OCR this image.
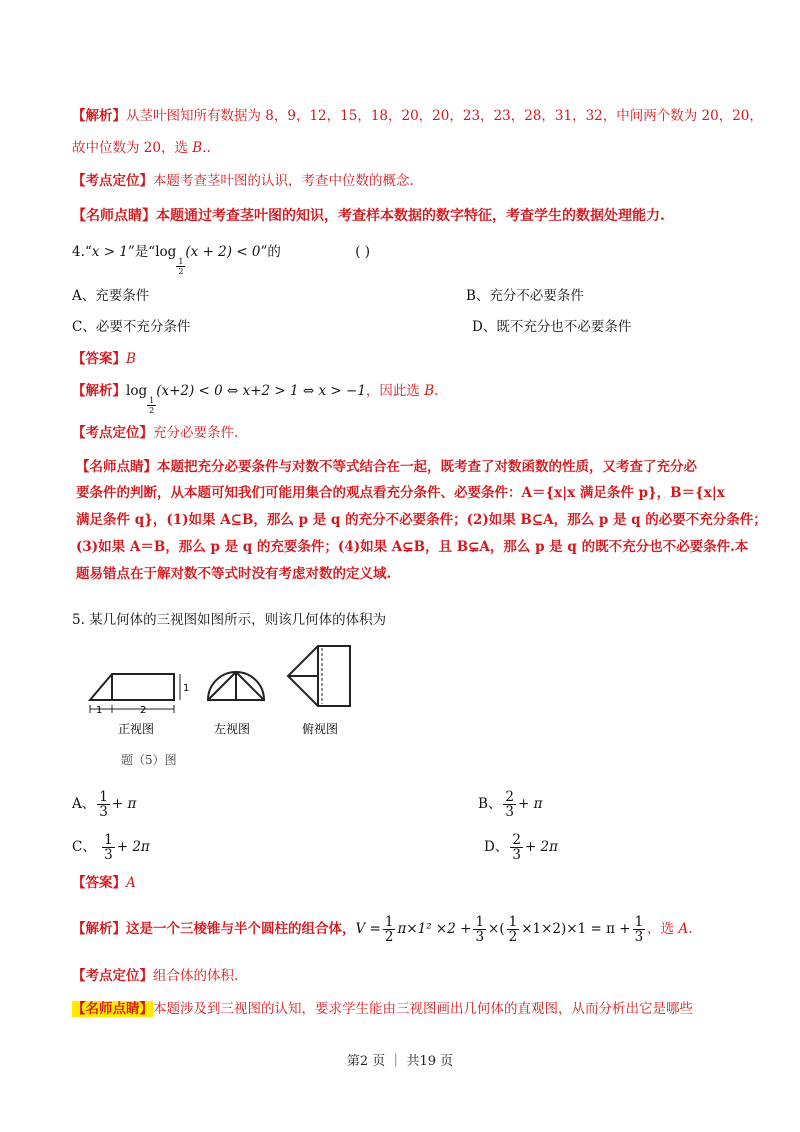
【解析】从茎叶图知所有数据为 8，9，12，15，18，20，20，23，23，28，31，32，中间两个数为 20，20，
故中位数为 20，选 B..
【考点定位】本题考查茎叶图的认识，考查中位数的概念.
【名师点睛】本题通过考查茎叶图的知识，考查样本数据的数字特征，考查学生的数据处理能力.
4.“x > 1”是“log
$\frac{1}{2}$
(x + 2) < 0”的	( )
A、充要条件	B、充分不必要条件
C、必要不充分条件	D、既不充分也不必要条件
【答案】B
【解析】log
$\frac{1}{2}$
(x+2) < 0 ⇔ x+2 > 1 ⇔ x > −1，因此选 B.
【考点定位】充分必要条件.
【名师点睛】本题把充分必要条件与对数不等式结合在一起，既考查了对数函数的性质，又考查了充分必
要条件的判断，从本题可知我们可能用集合的观点看充分条件、必要条件：A＝{x|x 满足条件 p}，B＝{x|x
满足条件 q}，(1)如果 A⊆B，那么 p 是 q 的充分不必要条件；(2)如果 B⊆A，那么 p 是 q 的必要不充分条件；
(3)如果 A＝B，那么 p 是 q 的充要条件；(4)如果 A⊊B，且 B⊊A，那么 p 是 q 的既不充分也不必要条件.本
题易错点在于解对数不等式时没有考虑对数的定义域.
5. 某几何体的三视图如图所示，则该几何体的体积为
1	2
1
正视图	左视图	俯视图
题（5）图
A、 $\frac{1}{3} + \pi$	B、 $\frac{2}{3} + \pi$
C、 $\frac{1}{3} + 2\pi$	D、 $\frac{2}{3} + 2\pi$
【答案】A
【解析】这是一个三棱锥与半个圆柱的组合体，$V = \frac{1}{2} \pi\times 1^2 \times 2 + \frac{1}{3}$ ×( $\frac{1}{2} \times 1\times 2)\times 1 = \pi + \frac{1}{3}$ ，选 A.
【考点定位】组合体的体积.
【名师点睛】本题涉及到三视图的认知，要求学生能由三视图画出几何体的直观图，从而分析出它是哪些
第2 页 ｜ 共19 页
